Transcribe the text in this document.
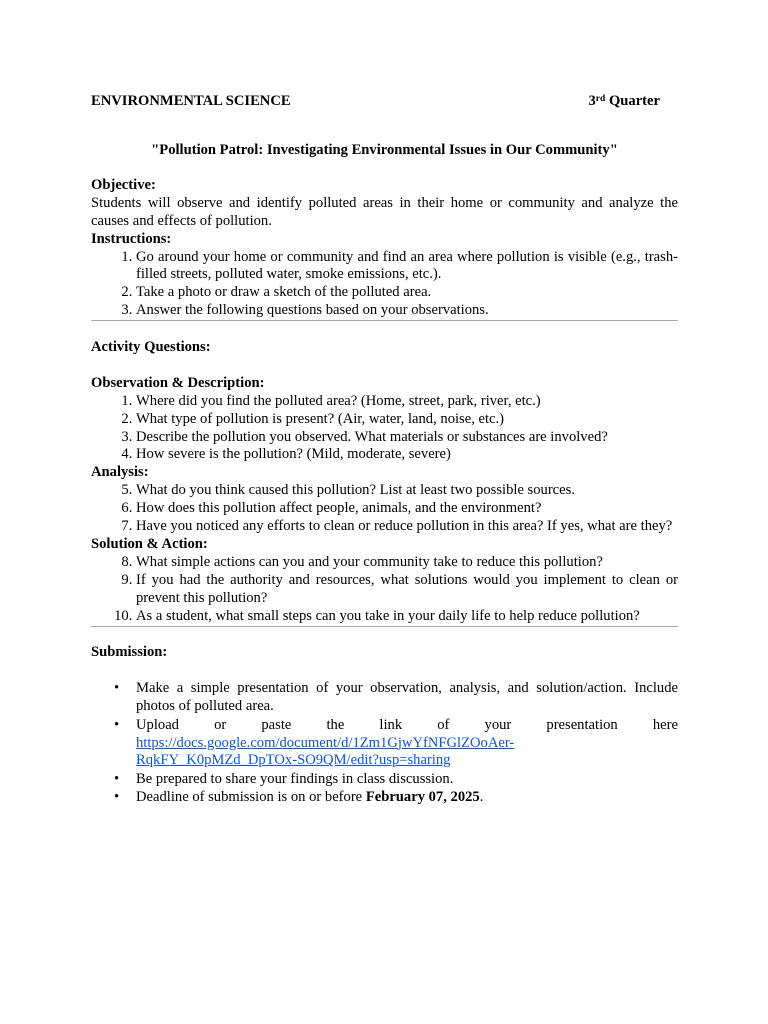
ENVIRONMENTAL SCIENCE	3rd Quarter
"Pollution Patrol: Investigating Environmental Issues in Our Community"

Objective:

Students will observe and identify polluted areas in their home or community and analyze the causes and effects of pollution.

Instructions:

1. Go around your home or community and find an area where pollution is visible (e.g., trash-filled streets, polluted water, smoke emissions, etc.).
2. Take a photo or draw a sketch of the polluted area.
3. Answer the following questions based on your observations.

Activity Questions:

Observation & Description:

1. Where did you find the polluted area? (Home, street, park, river, etc.)
2. What type of pollution is present? (Air, water, land, noise, etc.)
3. Describe the pollution you observed. What materials or substances are involved?
4. How severe is the pollution? (Mild, moderate, severe)

Analysis:

5. What do you think caused this pollution? List at least two possible sources.
6. How does this pollution affect people, animals, and the environment?
7. Have you noticed any efforts to clean or reduce pollution in this area? If yes, what are they?

Solution & Action:

8. What simple actions can you and your community take to reduce this pollution?
9. If you had the authority and resources, what solutions would you implement to clean or prevent this pollution?
10. As a student, what small steps can you take in your daily life to help reduce pollution?

Submission:

• Make a simple presentation of your observation, analysis, and solution/action. Include photos of polluted area.
• Upload or paste the link of your presentation here
https://docs.google.com/document/d/1Zm1GjwYfNFGlZOoAer-
RqkFY_K0pMZd_DpTOx-SO9QM/edit?usp=sharing
• Be prepared to share your findings in class discussion.
• Deadline of submission is on or before February 07, 2025.
